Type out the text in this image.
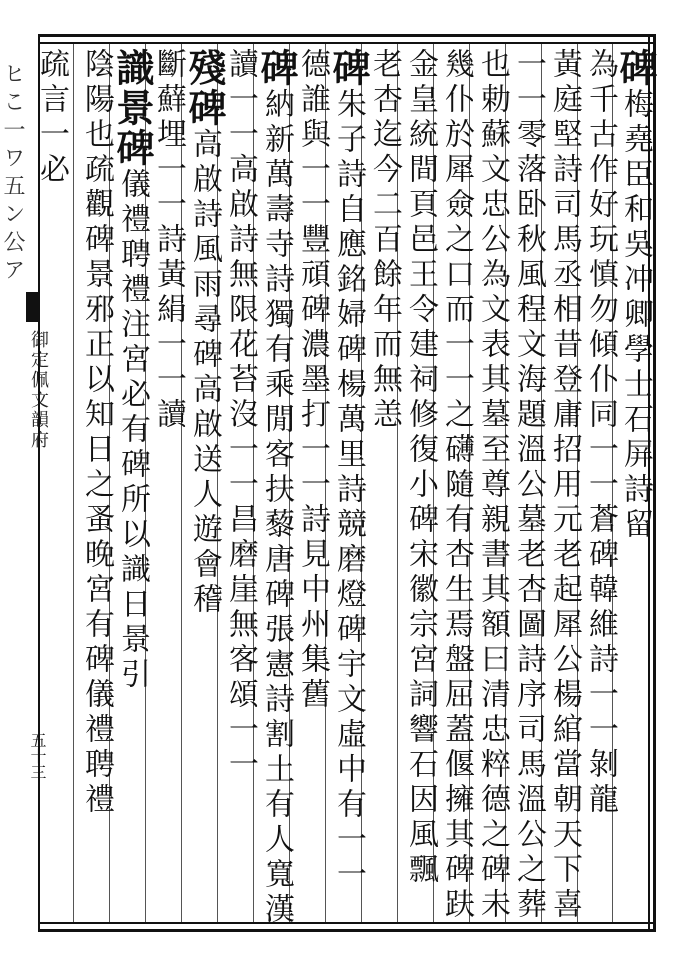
ヒこ一ワ五ン公ア
御定佩文韻府
五十三
碑梅堯臣和吳冲卿學士石屏詩留
為千古作好玩慎勿傾仆同一一蒼碑韓維詩一一剝龍
黃庭堅詩司馬丞相昔登庸招用元老起犀公楊綰當朝天下喜
一一零落卧秋風程文海題溫公墓老杏圖詩序司馬溫公之葬
也勅蘇文忠公為文表其墓至尊親書其額曰清忠粹德之碑未
幾仆於犀僉之口而一一之礴隨有杏生焉盤屈蓋偃擁其碑趺
金皇統間頁邑王令建祠修復小碑宋徽宗宮詞響石因風飄
老杏迄今二百餘年而無恙
碑朱子詩自應銘婦碑楊萬里詩競磨燈碑宇文虛中有一一
德誰與一一豐頑碑濃墨打一一詩見中州集舊
碑納新萬壽寺詩獨有乘閒客扶藜唐碑張憲詩割土有人寬漢
讀一一高啟詩無限花苔沒一一昌磨崖無客頌一一
殘碑高啟詩風雨尋碑高啟送人遊會稽
斷蘚埋一一詩黃絹一一讀
識景碑儀禮聘禮注宮必有碑所以識日景引
陰陽也疏觀碑景邪正以知日之蚤晚宮有碑儀禮聘禮
疏言一必
